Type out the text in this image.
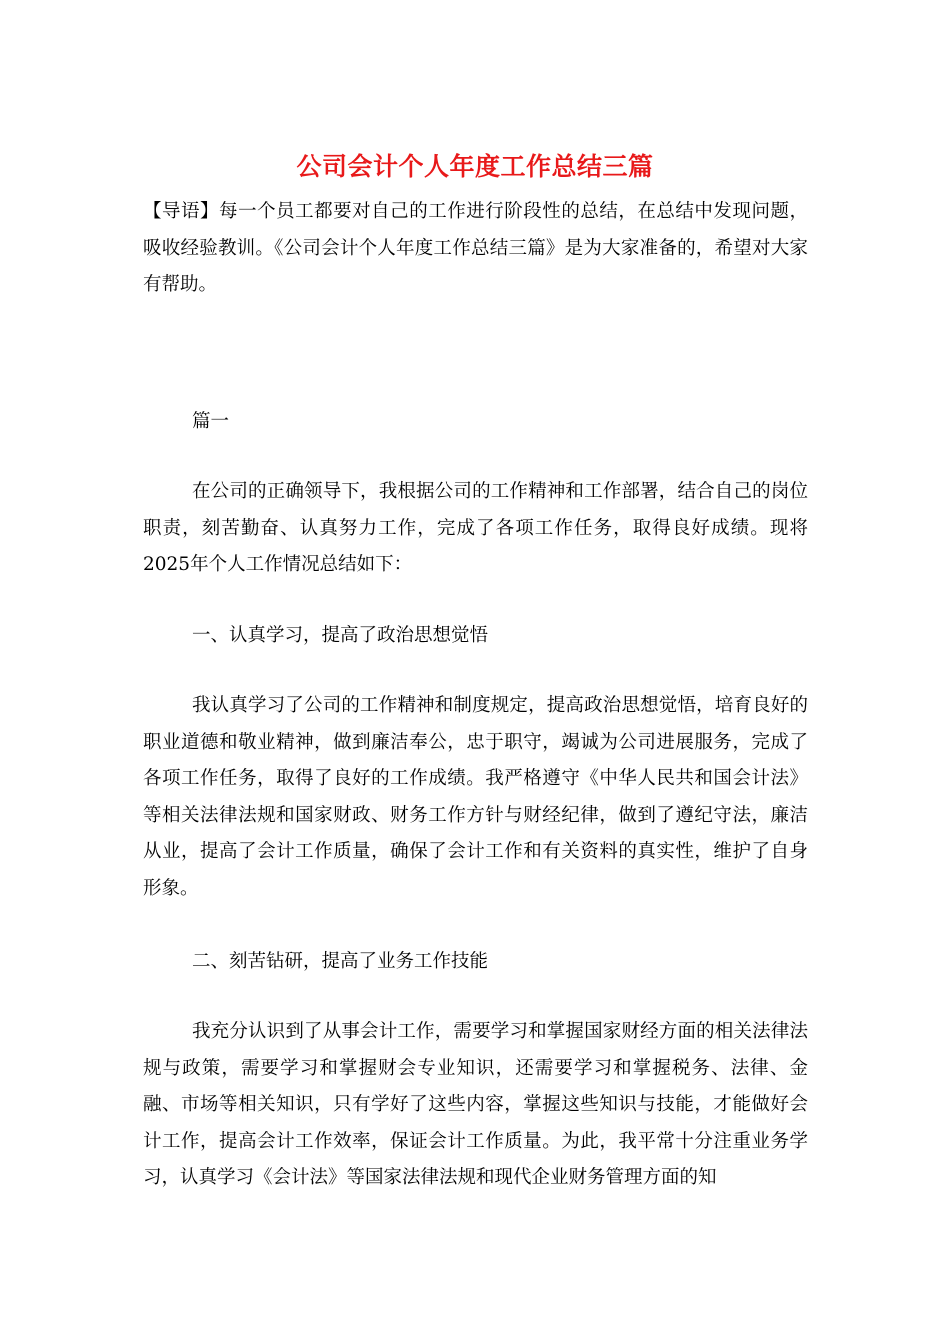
公司会计个人年度工作总结三篇

【导语】每一个员工都要对自己的工作进行阶段性的总结，在总结中发现问题，吸收经验教训。《公司会计个人年度工作总结三篇》是为大家准备的，希望对大家有帮助。

篇一

在公司的正确领导下，我根据公司的工作精神和工作部署，结合自己的岗位职责，刻苦勤奋、认真努力工作，完成了各项工作任务，取得良好成绩。现将2025年个人工作情况总结如下：

一、认真学习，提高了政治思想觉悟

我认真学习了公司的工作精神和制度规定，提高政治思想觉悟，培育良好的职业道德和敬业精神，做到廉洁奉公，忠于职守，竭诚为公司进展服务，完成了各项工作任务，取得了良好的工作成绩。我严格遵守《中华人民共和国会计法》等相关法律法规和国家财政、财务工作方针与财经纪律，做到了遵纪守法，廉洁从业，提高了会计工作质量，确保了会计工作和有关资料的真实性，维护了自身形象。

二、刻苦钻研，提高了业务工作技能

我充分认识到了从事会计工作，需要学习和掌握国家财经方面的相关法律法规与政策，需要学习和掌握财会专业知识，还需要学习和掌握税务、法律、金融、市场等相关知识，只有学好了这些内容，掌握这些知识与技能，才能做好会计工作，提高会计工作效率，保证会计工作质量。为此，我平常十分注重业务学习，认真学习《会计法》等国家法律法规和现代企业财务管理方面的知
